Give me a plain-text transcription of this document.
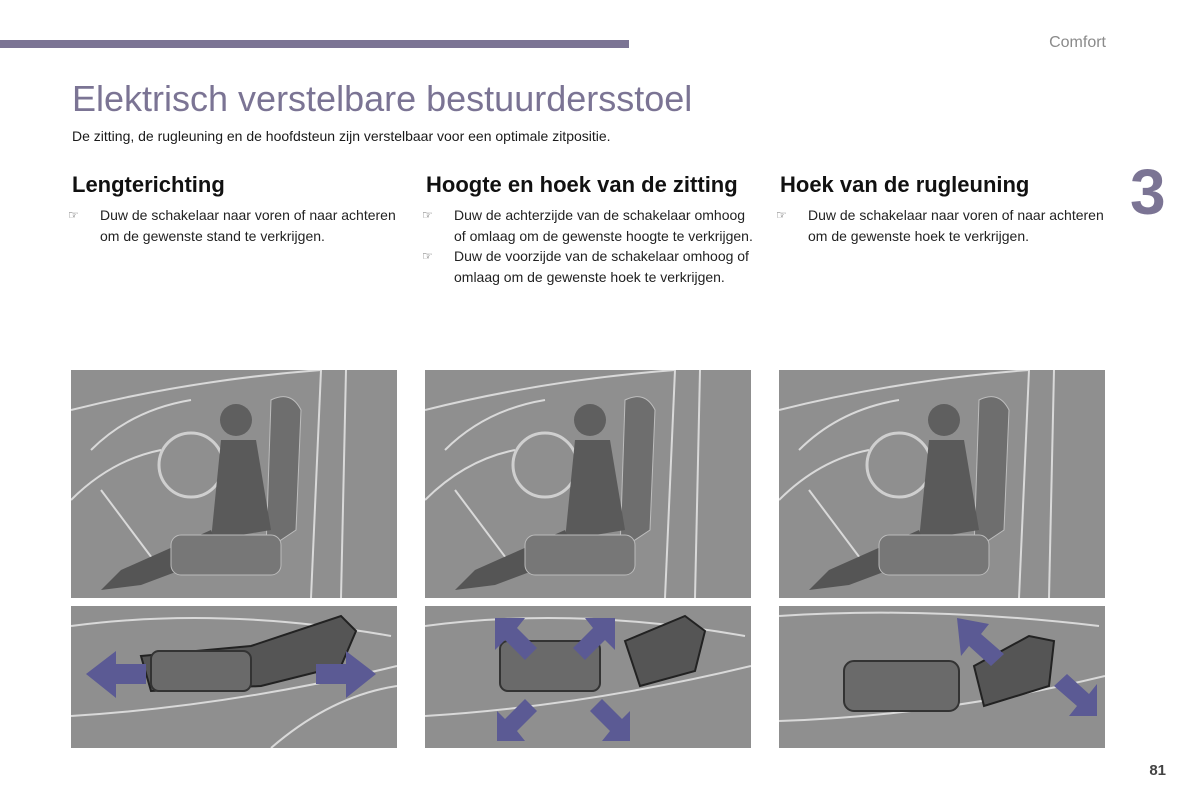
Comfort
3
Elektrisch verstelbare bestuurdersstoel
De zitting, de rugleuning en de hoofdsteun zijn verstelbaar voor een optimale zitpositie.
Lengterichting
☞ Duw de schakelaar naar voren of naar achteren om de gewenste stand te verkrijgen.
Hoogte en hoek van de zitting
☞ Duw de achterzijde van de schakelaar omhoog of omlaag om de gewenste hoogte te verkrijgen.
☞ Duw de voorzijde van de schakelaar omhoog of omlaag om de gewenste hoek te verkrijgen.
Hoek van de rugleuning
☞ Duw de schakelaar naar voren of naar achteren om de gewenste hoek te verkrijgen.
81
